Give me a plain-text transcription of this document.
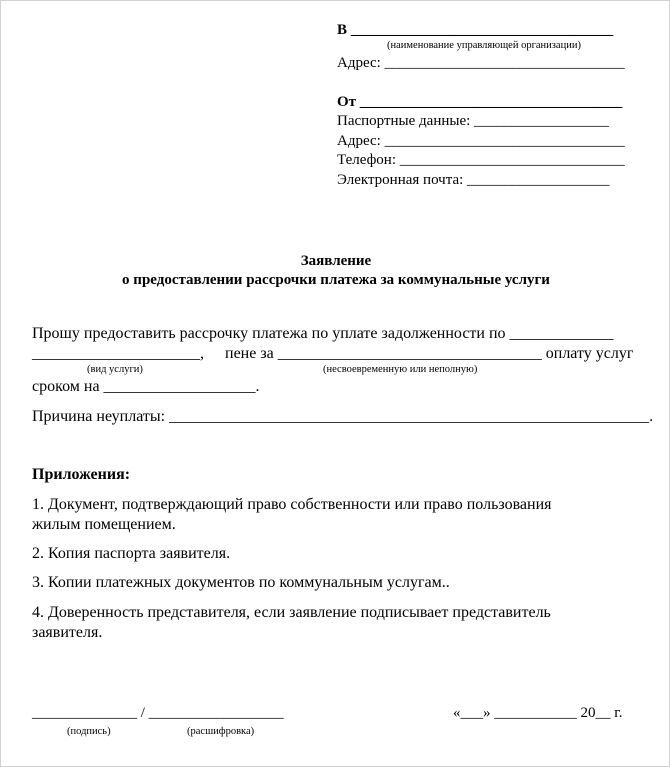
В ___________________________________
(наименование управляющей организации)
Адрес: ________________________________
От ___________________________________
Паспортные данные: __________________
Адрес: ________________________________
Телефон: ______________________________
Электронная почта: ___________________
Заявление
о предоставлении рассрочки платежа за коммунальные услуги
Прошу предоставить рассрочку платежа по уплате задолженности по _____________
_____________________, пене за _________________________________ оплату услуг
(вид услуги)	(несвоевременную или неполную)
сроком на ___________________.
Причина неуплаты: ____________________________________________________________.
Приложения:
1. Документ, подтверждающий право собственности или право пользования
жилым помещением.
2. Копия паспорта заявителя.
3. Копии платежных документов по коммунальным услугам..
4. Доверенность представителя, если заявление подписывает представитель
заявителя.
______________ / __________________
(подпись)	(расшифровка)
«___» ___________ 20__ г.
